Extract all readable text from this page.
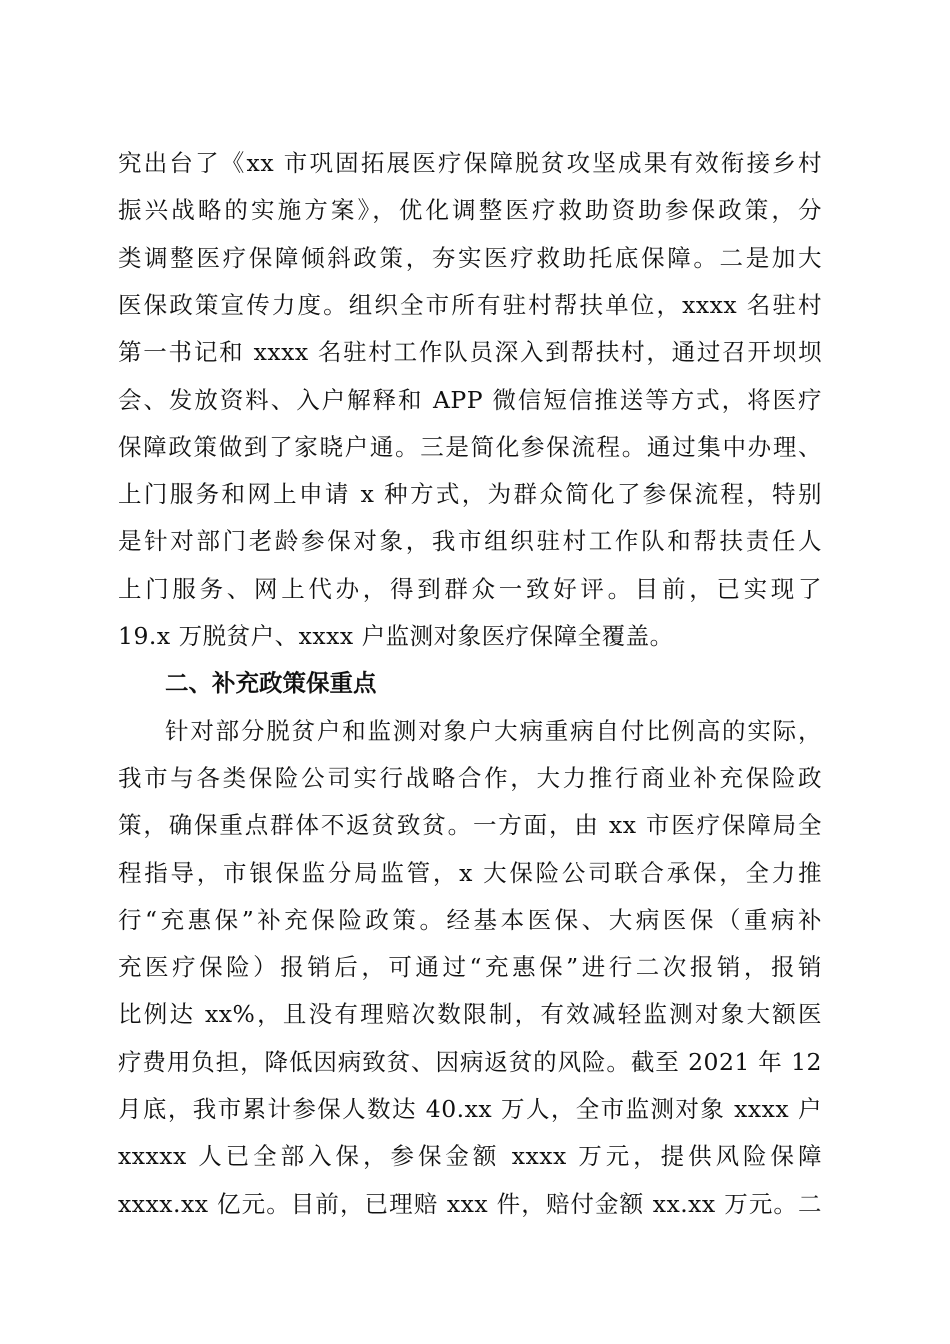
究出台了《xx 市巩固拓展医疗保障脱贫攻坚成果有效衔接乡村
振兴战略的实施方案》，优化调整医疗救助资助参保政策，分
类调整医疗保障倾斜政策，夯实医疗救助托底保障。二是加大
医保政策宣传力度。组织全市所有驻村帮扶单位，xxxx 名驻村
第一书记和 xxxx 名驻村工作队员深入到帮扶村，通过召开坝坝
会、发放资料、入户解释和 APP 微信短信推送等方式，将医疗
保障政策做到了家晓户通。三是简化参保流程。通过集中办理、
上门服务和网上申请 x 种方式，为群众简化了参保流程，特别
是针对部门老龄参保对象，我市组织驻村工作队和帮扶责任人
上门服务、网上代办，得到群众一致好评。目前，已实现了
19.x 万脱贫户、xxxx 户监测对象医疗保障全覆盖。
二、补充政策保重点
针对部分脱贫户和监测对象户大病重病自付比例高的实际，
我市与各类保险公司实行战略合作，大力推行商业补充保险政
策，确保重点群体不返贫致贫。一方面，由 xx 市医疗保障局全
程指导，市银保监分局监管，x 大保险公司联合承保，全力推
行“充惠保”补充保险政策。经基本医保、大病医保（重病补
充医疗保险）报销后，可通过“充惠保”进行二次报销，报销
比例达 xx%，且没有理赔次数限制，有效减轻监测对象大额医
疗费用负担，降低因病致贫、因病返贫的风险。截至 2021 年 12
月底，我市累计参保人数达 40.xx 万人，全市监测对象 xxxx 户
xxxxx 人已全部入保，参保金额 xxxx 万元，提供风险保障
xxxx.xx 亿元。目前，已理赔 xxx 件，赔付金额 xx.xx 万元。二
